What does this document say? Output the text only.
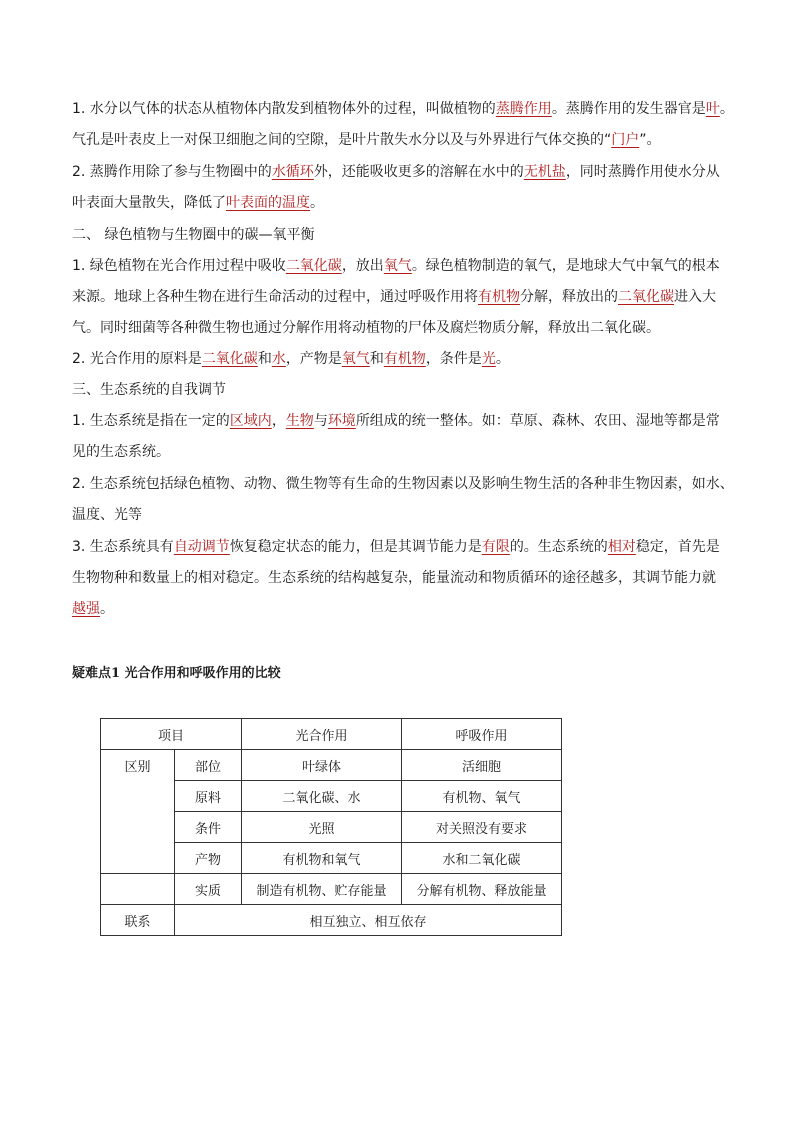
1. 水分以气体的状态从植物体内散发到植物体外的过程，叫做植物的蒸腾作用。蒸腾作用的发生器官是叶。
气孔是叶表皮上一对保卫细胞之间的空隙，是叶片散失水分以及与外界进行气体交换的“门户”。

2. 蒸腾作用除了参与生物圈中的水循环外，还能吸收更多的溶解在水中的无机盐，同时蒸腾作用使水分从
叶表面大量散失，降低了叶表面的温度。

二、 绿色植物与生物圈中的碳—氧平衡

1. 绿色植物在光合作用过程中吸收二氧化碳，放出氧气。绿色植物制造的氧气，是地球大气中氧气的根本
来源。地球上各种生物在进行生命活动的过程中，通过呼吸作用将有机物分解，释放出的二氧化碳进入大
气。同时细菌等各种微生物也通过分解作用将动植物的尸体及腐烂物质分解，释放出二氧化碳。

2. 光合作用的原料是二氧化碳和水，产物是氧气和有机物，条件是光。

三、生态系统的自我调节

1. 生态系统是指在一定的区域内，生物与环境所组成的统一整体。如：草原、森林、农田、湿地等都是常
见的生态系统。

2. 生态系统包括绿色植物、动物、微生物等有生命的生物因素以及影响生物生活的各种非生物因素，如水、
温度、光等

3. 生态系统具有自动调节恢复稳定状态的能力，但是其调节能力是有限的。生态系统的相对稳定，首先是
生物物种和数量上的相对稳定。生态系统的结构越复杂，能量流动和物质循环的途径越多，其调节能力就
越强。

疑难点1 光合作用和呼吸作用的比较

项目		光合作用	呼吸作用
区别	部位	叶绿体	活细胞
	原料	二氧化碳、水	有机物、氧气
	条件	光照	对关照没有要求
	产物	有机物和氧气	水和二氧化碳
	实质	制造有机物、贮存能量	分解有机物、释放能量
联系	相互独立、相互依存		
